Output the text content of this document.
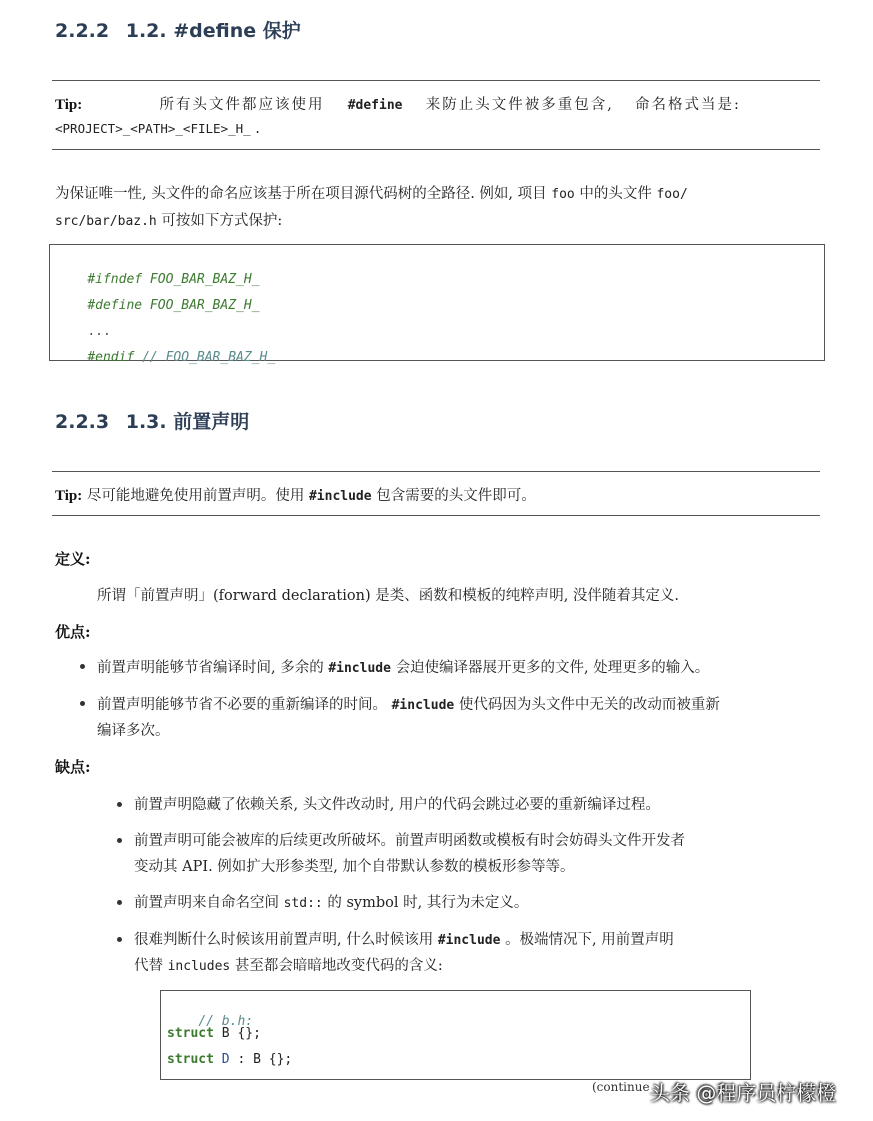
2.2.2 1.2. #define 保护
Tip:	所有头文件都应该使用 #define 来防止头文件被多重包含, 命名格式当是:
<PROJECT>_<PATH>_<FILE>_H_ .
为保证唯一性, 头文件的命名应该基于所在项目源代码树的全路径. 例如, 项目 foo 中的头文件 foo/
src/bar/baz.h 可按如下方式保护:

#ifndef FOO_BAR_BAZ_H_

#define FOO_BAR_BAZ_H_

...

#endif // FOO_BAR_BAZ_H_

2.2.3 1.3. 前置声明
Tip: 尽可能地避免使用前置声明。使用 #include 包含需要的头文件即可。
定义:
所谓「前置声明」(forward declaration) 是类、函数和模板的纯粹声明, 没伴随着其定义.
优点:
前置声明能够节省编译时间, 多余的 #include 会迫使编译器展开更多的文件, 处理更多的输入。
前置声明能够节省不必要的重新编译的时间。 #include 使代码因为头文件中无关的改动而被重新
编译多次。
缺点:
前置声明隐藏了依赖关系, 头文件改动时, 用户的代码会跳过必要的重新编译过程。
前置声明可能会被库的后续更改所破坏。前置声明函数或模板有时会妨碍头文件开发者
变动其 API. 例如扩大形参类型, 加个自带默认参数的模板形参等等。
前置声明来自命名空间 std:: 的 symbol 时, 其行为未定义。
很难判断什么时候该用前置声明, 什么时候该用 #include 。极端情况下, 用前置声明
代替 includes 甚至都会暗暗地改变代码的含义:

// b.h:

struct B {};
struct D : B {};
(continue 头条 @程序员柠檬橙
